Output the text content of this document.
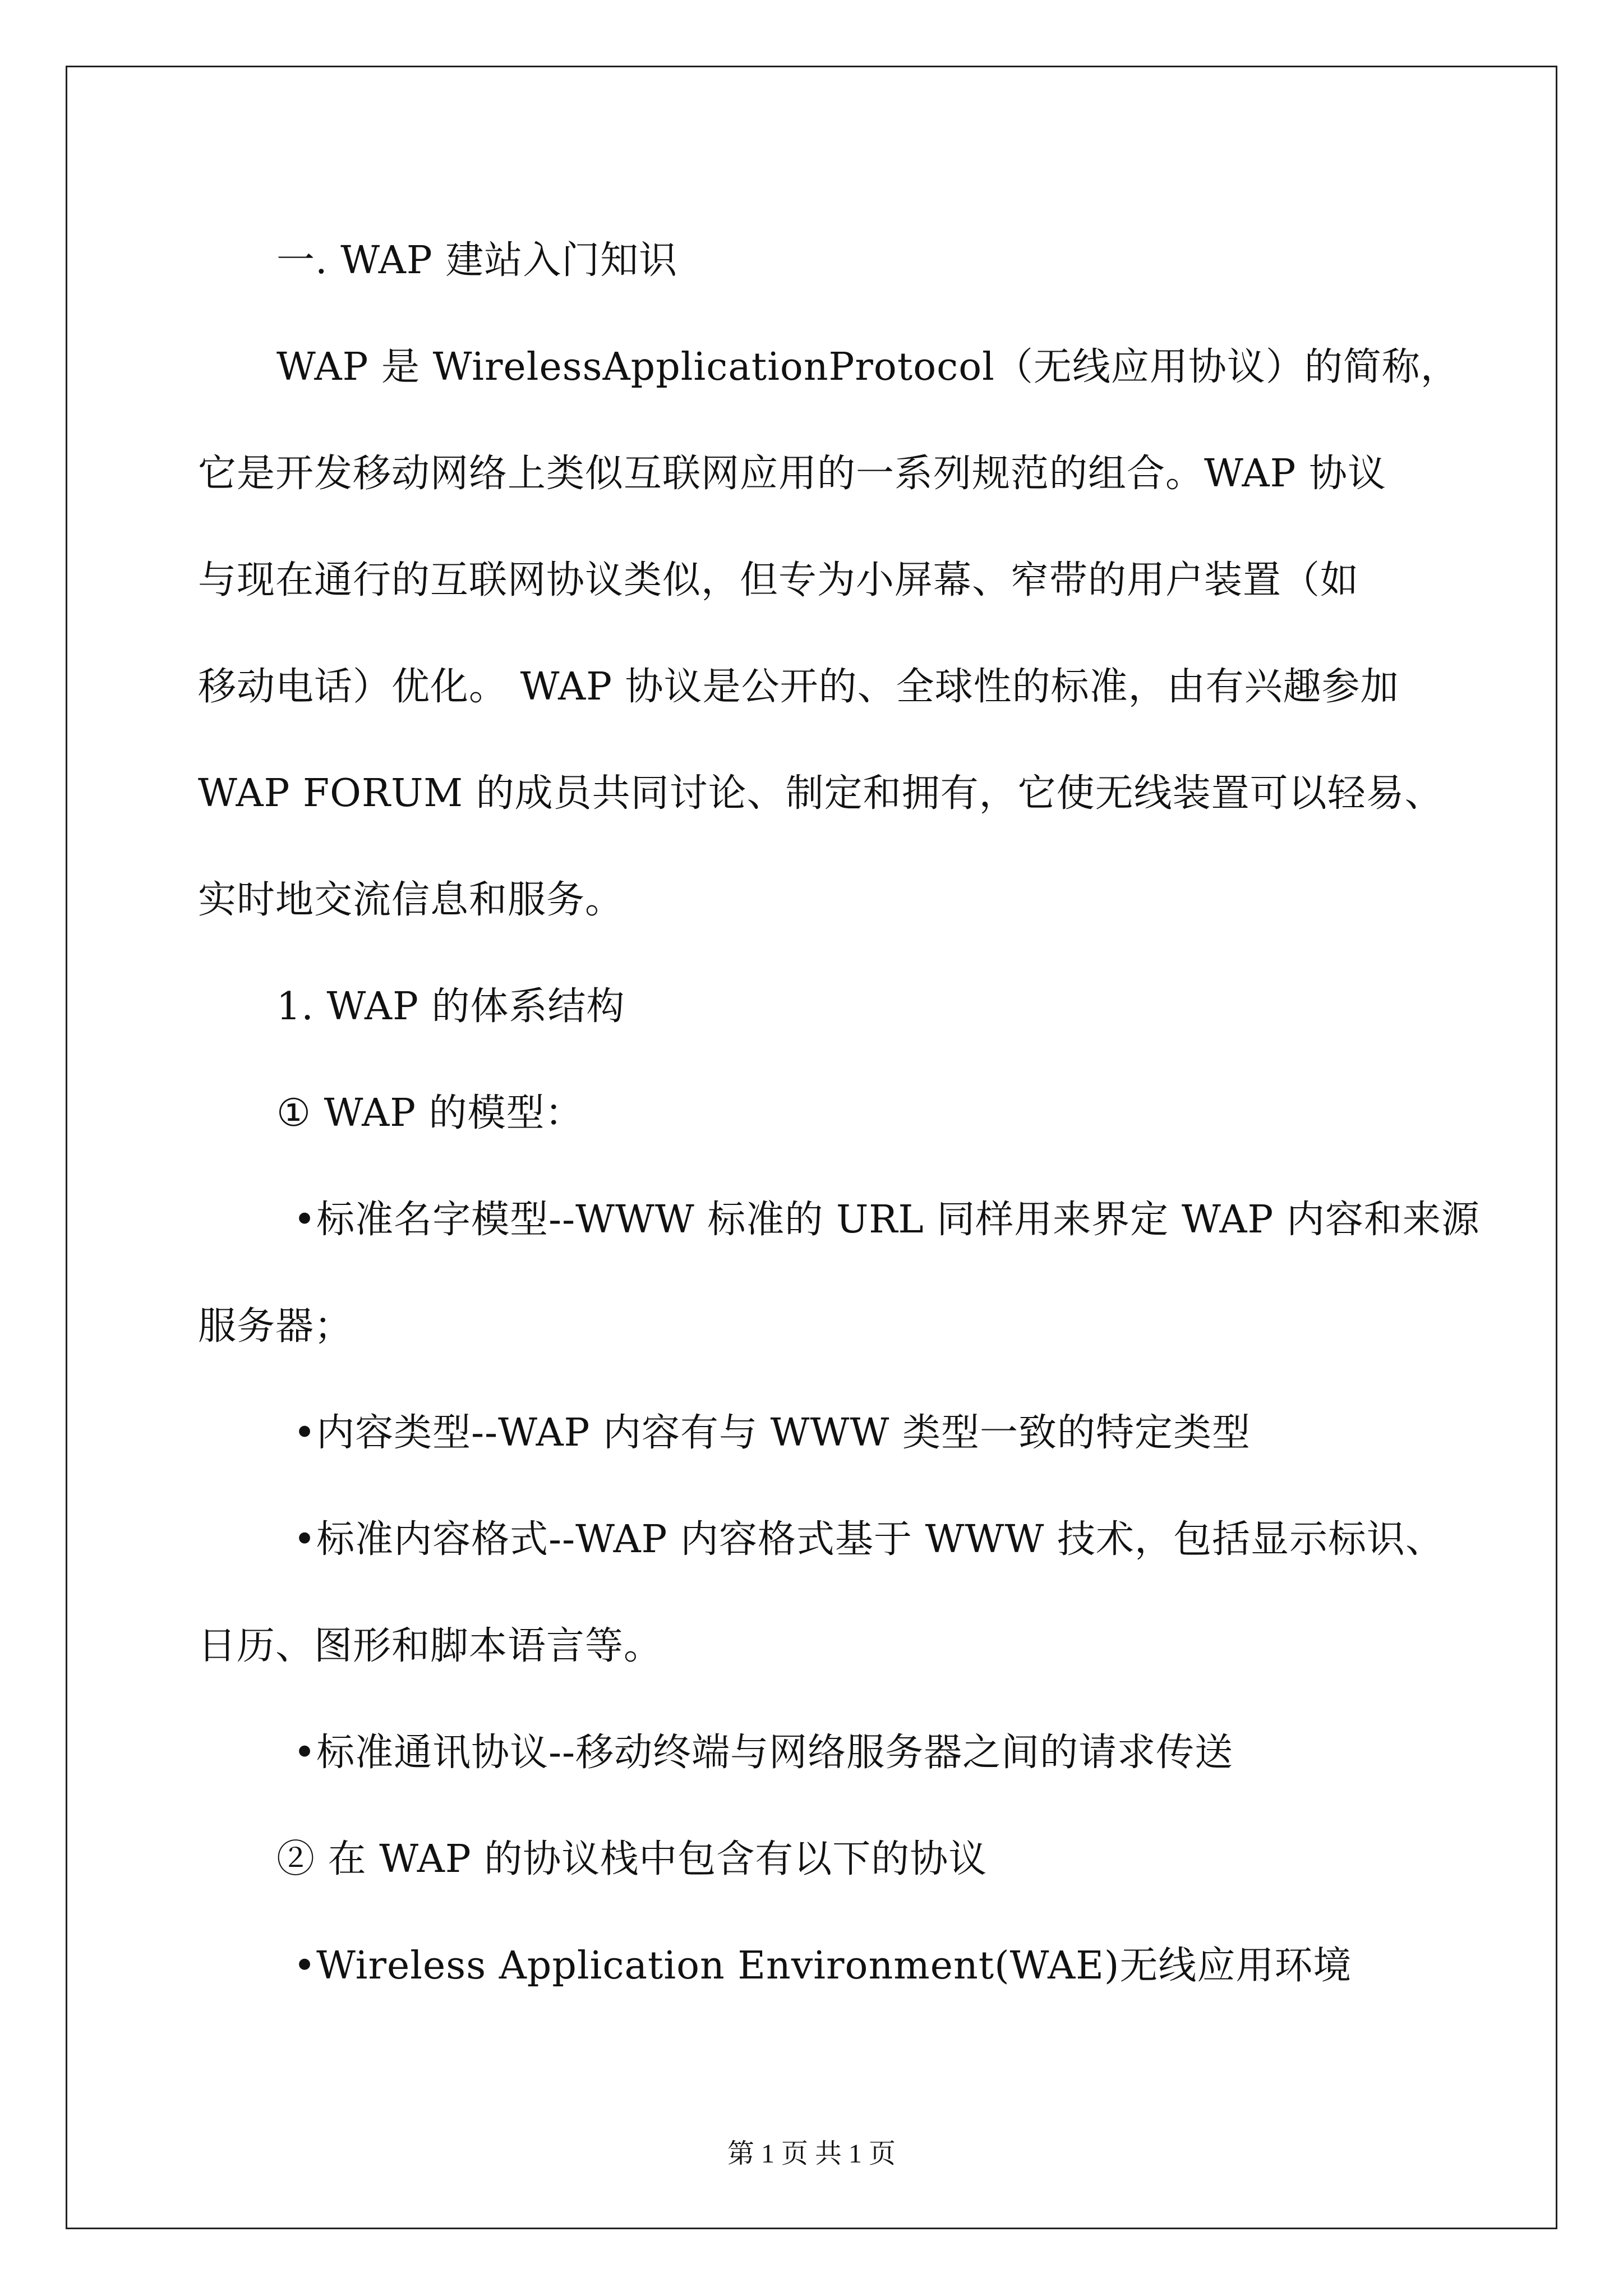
一. WAP 建站入门知识

WAP 是 WirelessApplicationProtocol（无线应用协议）的简称，

它是开发移动网络上类似互联网应用的一系列规范的组合。WAP 协议

与现在通行的互联网协议类似，但专为小屏幕、窄带的用户装置（如

移动电话）优化。 WAP 协议是公开的、全球性的标准，由有兴趣参加

WAP FORUM 的成员共同讨论、制定和拥有，它使无线装置可以轻易、

实时地交流信息和服务。

1. WAP 的体系结构

① WAP 的模型：

•标准名字模型--WWW 标准的 URL 同样用来界定 WAP 内容和来源

服务器；

•内容类型--WAP 内容有与 WWW 类型一致的特定类型

•标准内容格式--WAP 内容格式基于 WWW 技术，包括显示标识、

日历、图形和脚本语言等。

•标准通讯协议--移动终端与网络服务器之间的请求传送

② 在 WAP 的协议栈中包含有以下的协议

•Wireless Application Environment(WAE)无线应用环境

第 1 页 共 1 页
